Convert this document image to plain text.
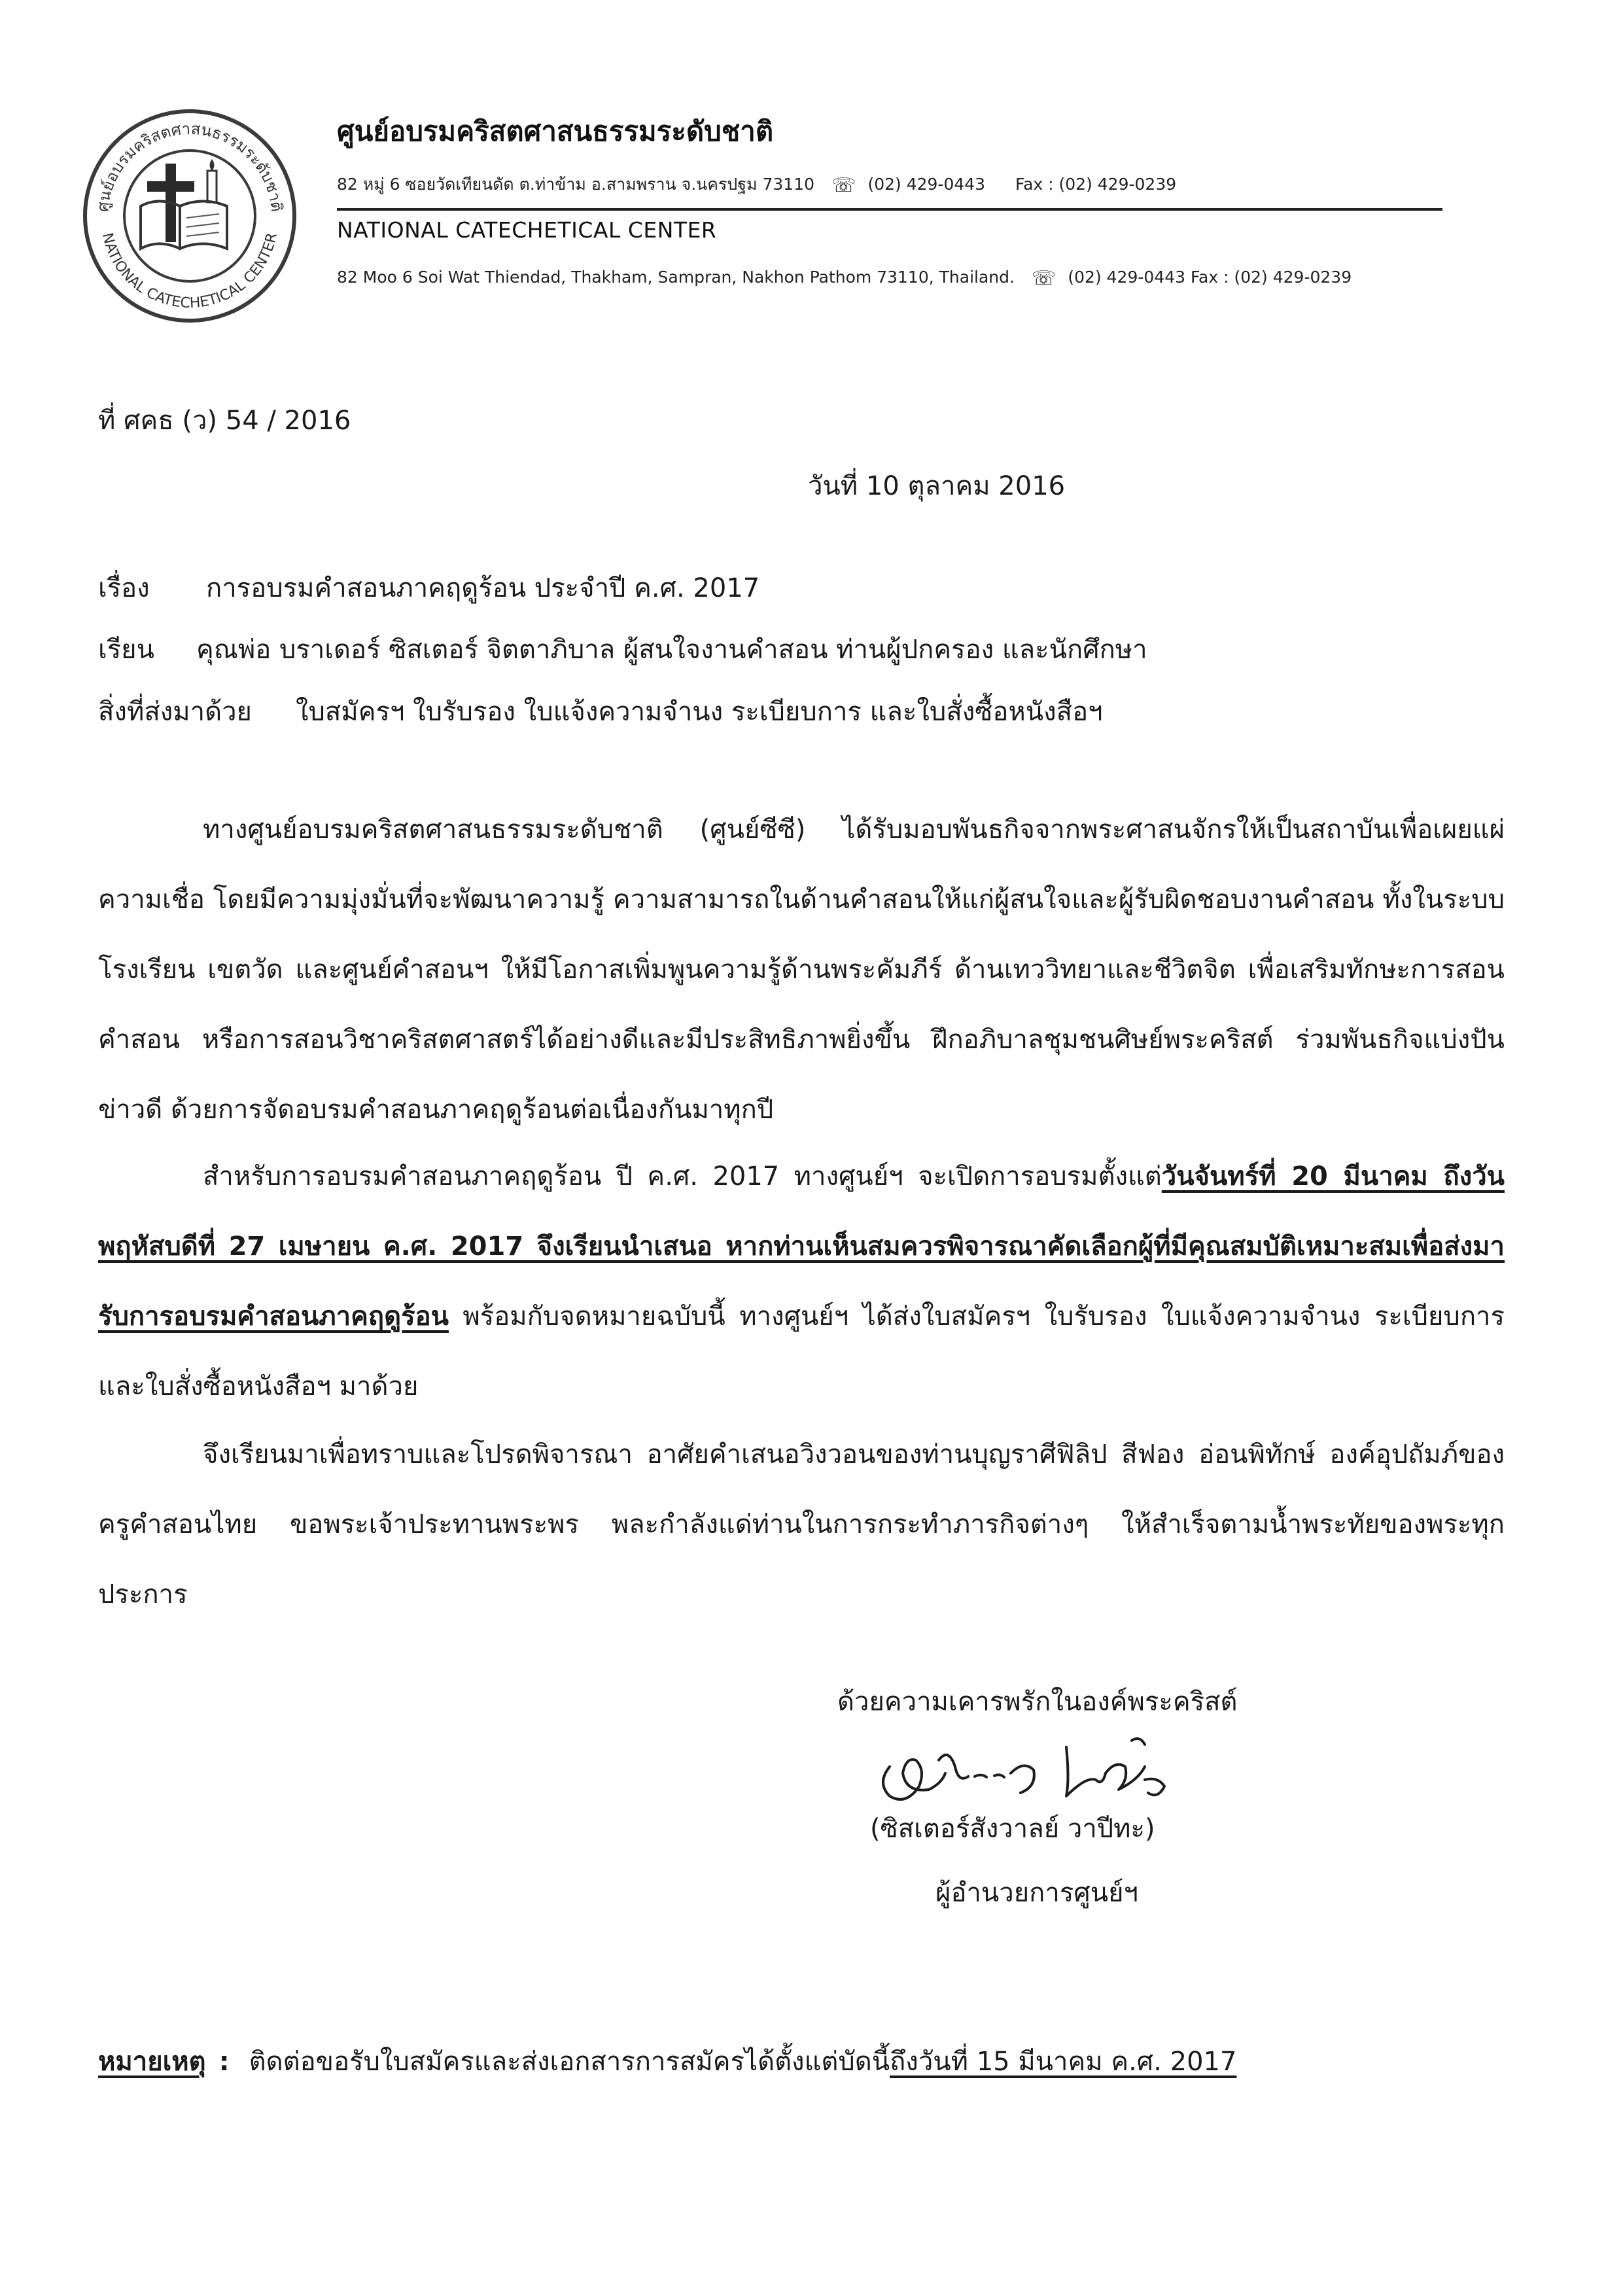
ศูนย์อบรมคริสตศาสนธรรมระดับชาติ
NATIONAL CATECHETICAL CENTER
ศูนย์อบรมคริสตศาสนธรรมระดับชาติ
82 หมู่ 6 ซอยวัดเทียนดัด ต.ท่าข้าม อ.สามพราน จ.นครปฐม 73110 ☏ (02) 429-0443 Fax : (02) 429-0239
NATIONAL CATECHETICAL CENTER
82 Moo 6 Soi Wat Thiendad, Thakham, Sampran, Nakhon Pathom 73110, Thailand. ☏ (02) 429-0443 Fax : (02) 429-0239
ที่ ศคธ (ว) 54 / 2016
วันที่ 10 ตุลาคม 2016
เรื่อง การอบรมคำสอนภาคฤดูร้อน ประจำปี ค.ศ. 2017
เรียน คุณพ่อ บราเดอร์ ซิสเตอร์ จิตตาภิบาล ผู้สนใจงานคำสอน ท่านผู้ปกครอง และนักศึกษา
สิ่งที่ส่งมาด้วย ใบสมัครฯ ใบรับรอง ใบแจ้งความจำนง ระเบียบการ และใบสั่งซื้อหนังสือฯ

ทางศูนย์อบรมคริสตศาสนธรรมระดับชาติ (ศูนย์ซีซี) ได้รับมอบพันธกิจจากพระศาสนจักรให้เป็นสถาบันเพื่อเผยแผ่ความเชื่อ โดยมีความมุ่งมั่นที่จะพัฒนาความรู้ ความสามารถในด้านคำสอนให้แก่ผู้สนใจและผู้รับผิดชอบงานคำสอน ทั้งในระบบโรงเรียน เขตวัด และศูนย์คำสอนฯ ให้มีโอกาสเพิ่มพูนความรู้ด้านพระคัมภีร์ ด้านเทววิทยาและชีวิตจิต เพื่อเสริมทักษะการสอนคำสอน หรือการสอนวิชาคริสตศาสตร์ได้อย่างดีและมีประสิทธิภาพยิ่งขึ้น ฝึกอภิบาลชุมชนศิษย์พระคริสต์ ร่วมพันธกิจแบ่งปันข่าวดี ด้วยการจัดอบรมคำสอนภาคฤดูร้อนต่อเนื่องกันมาทุกปี

สำหรับการอบรมคำสอนภาคฤดูร้อน ปี ค.ศ. 2017 ทางศูนย์ฯ จะเปิดการอบรมตั้งแต่วันจันทร์ที่ 20 มีนาคม ถึงวันพฤหัสบดีที่ 27 เมษายน ค.ศ. 2017 จึงเรียนนำเสนอ หากท่านเห็นสมควรพิจารณาคัดเลือกผู้ที่มีคุณสมบัติเหมาะสมเพื่อส่งมารับการอบรมคำสอนภาคฤดูร้อน พร้อมกับจดหมายฉบับนี้ ทางศูนย์ฯ ได้ส่งใบสมัครฯ ใบรับรอง ใบแจ้งความจำนง ระเบียบการ และใบสั่งซื้อหนังสือฯ มาด้วย

จึงเรียนมาเพื่อทราบและโปรดพิจารณา อาศัยคำเสนอวิงวอนของท่านบุญราศีฟิลิป สีฟอง อ่อนพิทักษ์ องค์อุปถัมภ์ของครูคำสอนไทย ขอพระเจ้าประทานพระพร พละกำลังแด่ท่านในการกระทำภารกิจต่างๆ ให้สำเร็จตามน้ำพระทัยของพระทุกประการ

ด้วยความเคารพรักในองค์พระคริสต์
(ซิสเตอร์สังวาลย์ วาปีทะ)
ผู้อำนวยการศูนย์ฯ
หมายเหตุ : ติดต่อขอรับใบสมัครและส่งเอกสารการสมัครได้ตั้งแต่บัดนี้ถึงวันที่ 15 มีนาคม ค.ศ. 2017
